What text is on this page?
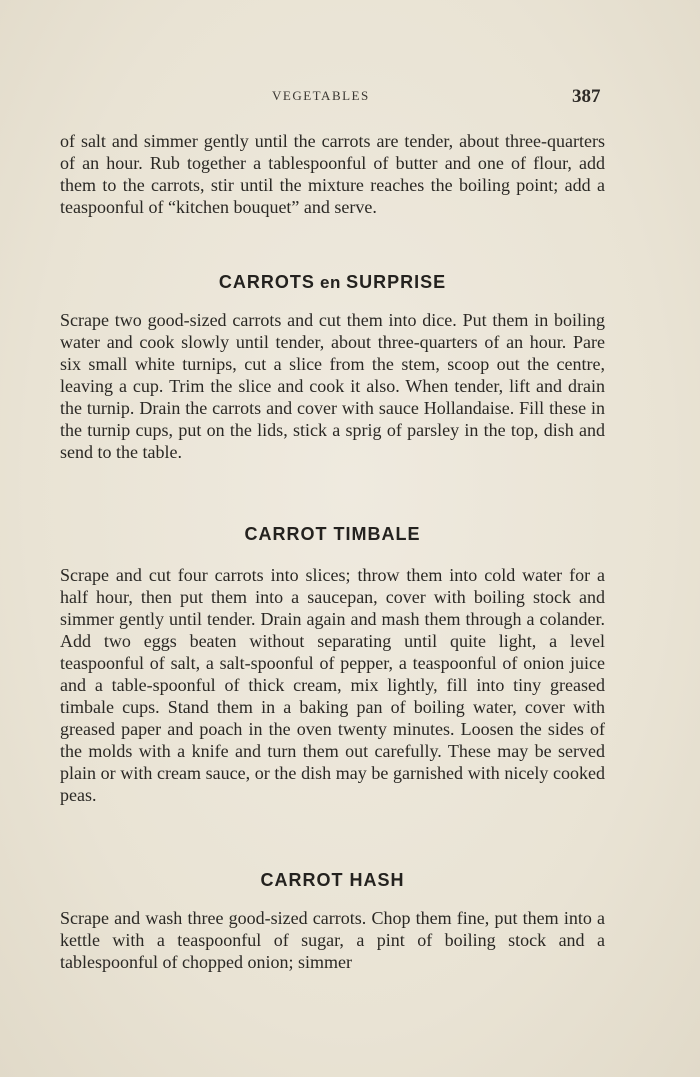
VEGETABLES	387

of salt and simmer gently until the carrots are tender, about three-quarters of an hour. Rub together a tablespoonful of butter and one of flour, add them to the carrots, stir until the mixture reaches the boiling point; add a teaspoonful of “kitchen bouquet” and serve.

CARROTS en SURPRISE

Scrape two good-sized carrots and cut them into dice. Put them in boiling water and cook slowly until tender, about three-quarters of an hour. Pare six small white turnips, cut a slice from the stem, scoop out the centre, leaving a cup. Trim the slice and cook it also. When tender, lift and drain the turnip. Drain the carrots and cover with sauce Hollandaise. Fill these in the turnip cups, put on the lids, stick a sprig of parsley in the top, dish and send to the table.

CARROT TIMBALE

Scrape and cut four carrots into slices; throw them into cold water for a half hour, then put them into a saucepan, cover with boiling stock and simmer gently until tender. Drain again and mash them through a colander. Add two eggs beaten without separating until quite light, a level teaspoonful of salt, a salt-spoonful of pepper, a teaspoonful of onion juice and a table-spoonful of thick cream, mix lightly, fill into tiny greased timbale cups. Stand them in a baking pan of boiling water, cover with greased paper and poach in the oven twenty minutes. Loosen the sides of the molds with a knife and turn them out carefully. These may be served plain or with cream sauce, or the dish may be garnished with nicely cooked peas.

CARROT HASH

Scrape and wash three good-sized carrots. Chop them fine, put them into a kettle with a teaspoonful of sugar, a pint of boiling stock and a tablespoonful of chopped onion; simmer
